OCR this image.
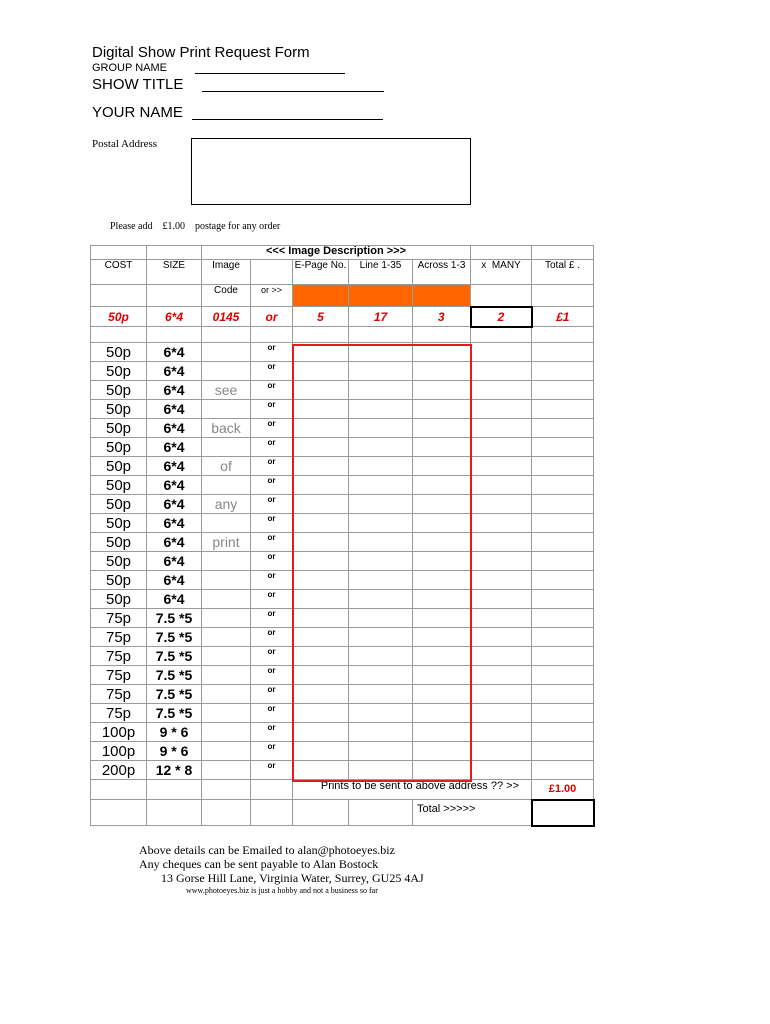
Digital Show Print Request Form
GROUP NAME
SHOW TITLE
YOUR NAME
Postal Address
Please add    £1.00    postage for any order
		<<< Image Description >>>						
COST	SIZE	Image		E-Page No.	Line 1-35	Across 1-3	x  MANY	Total £ .
		Code	or >>					
50p	6*4	0145	or	5	17	3	2	£1

50p	6*4		or					
50p	6*4		or					
50p	6*4	see	or					
50p	6*4		or					
50p	6*4	back	or					
50p	6*4		or					
50p	6*4	of	or					
50p	6*4		or					
50p	6*4	any	or					
50p	6*4		or					
50p	6*4	print	or					
50p	6*4		or					
50p	6*4		or					
50p	6*4		or					
75p	7.5 *5		or					
75p	7.5 *5		or					
75p	7.5 *5		or					
75p	7.5 *5		or					
75p	7.5 *5		or					
75p	7.5 *5		or					
100p	9 * 6		or					
100p	9 * 6		or					
200p	12 * 8		or					
				Prints to be sent to above address ?? >>				£1.00
						Total >>>>>		
Above details can be Emailed to alan@photoeyes.biz
Any cheques can be sent payable to Alan Bostock
13 Gorse Hill Lane, Virginia Water, Surrey, GU25 4AJ
www.photoeyes.biz is just a hobby and not a business so far
